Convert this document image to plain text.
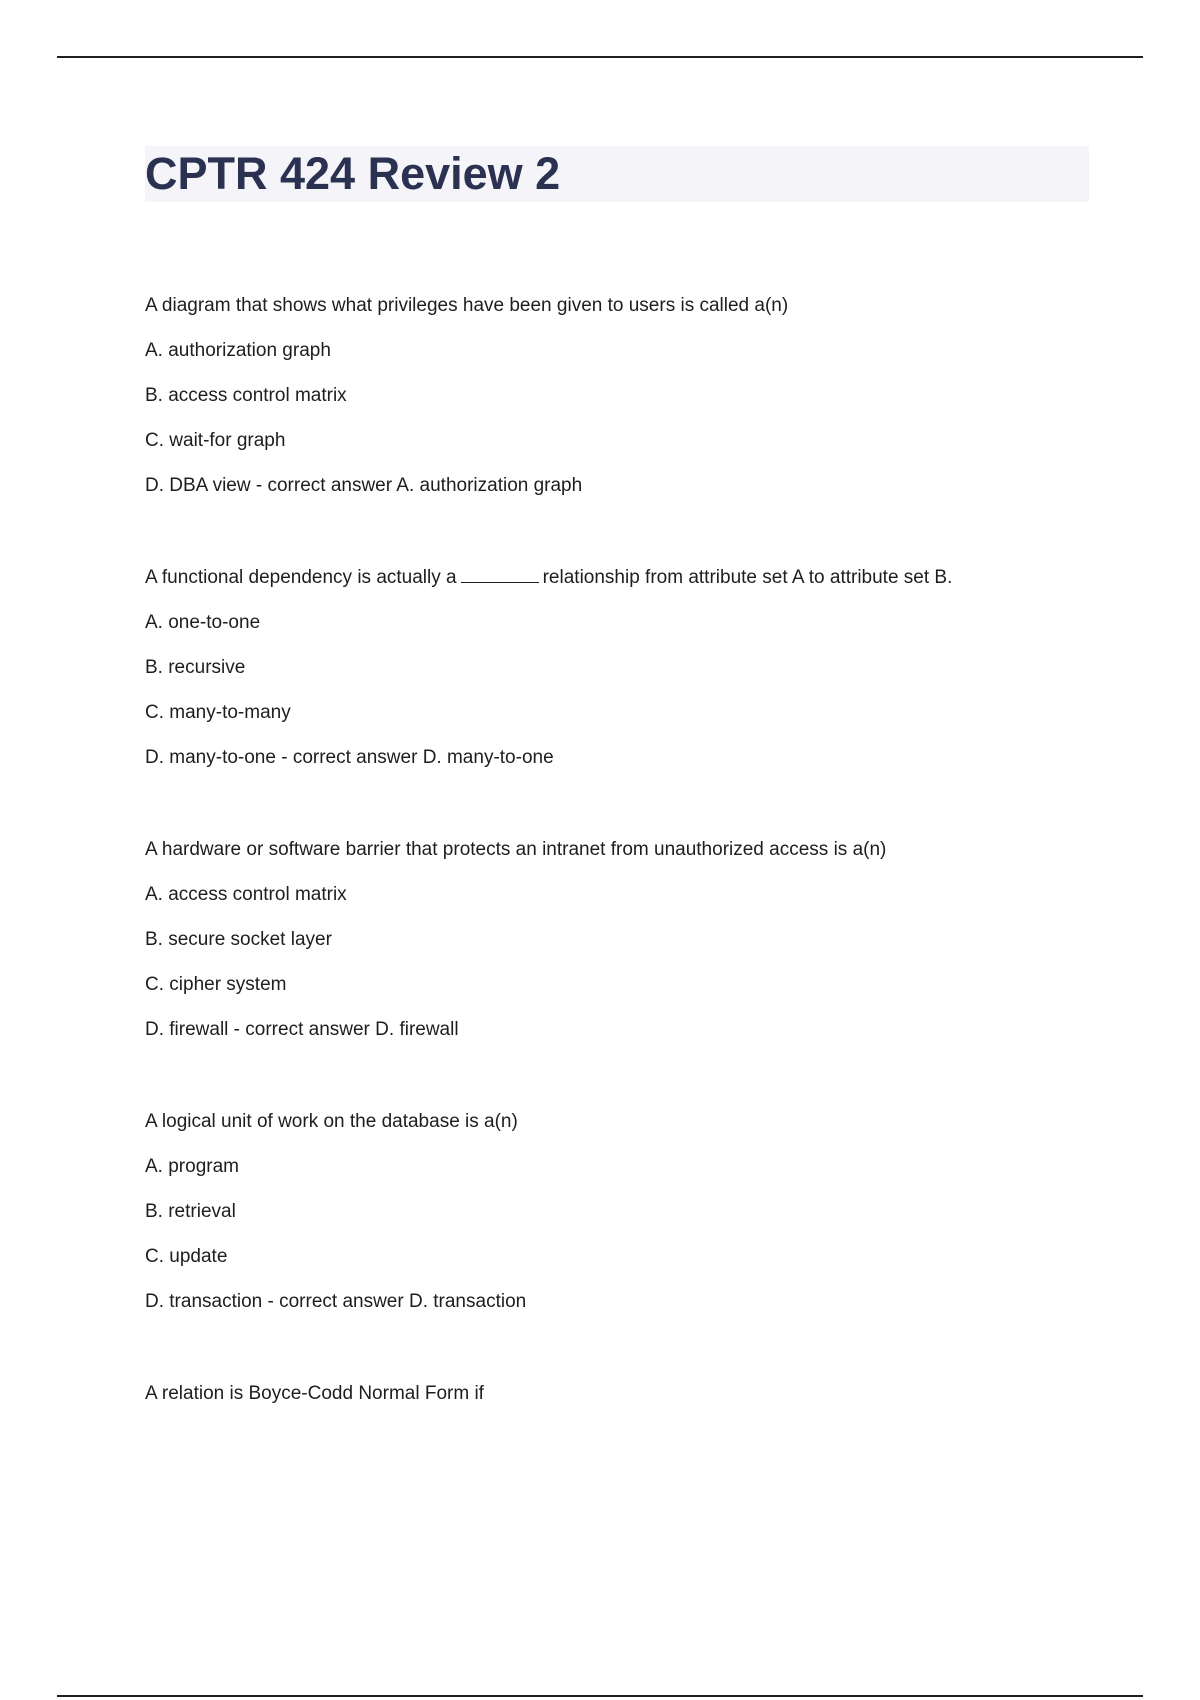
CPTR 424 Review 2
A diagram that shows what privileges have been given to users is called a(n)
A. authorization graph
B. access control matrix
C. wait-for graph
D. DBA view - correct answer A. authorization graph
A functional dependency is actually a	relationship from attribute set A to attribute set B.
A. one-to-one
B. recursive
C. many-to-many
D. many-to-one - correct answer D. many-to-one
A hardware or software barrier that protects an intranet from unauthorized access is a(n)
A. access control matrix
B. secure socket layer
C. cipher system
D. firewall - correct answer D. firewall
A logical unit of work on the database is a(n)
A. program
B. retrieval
C. update
D. transaction - correct answer D. transaction
A relation is Boyce-Codd Normal Form if
